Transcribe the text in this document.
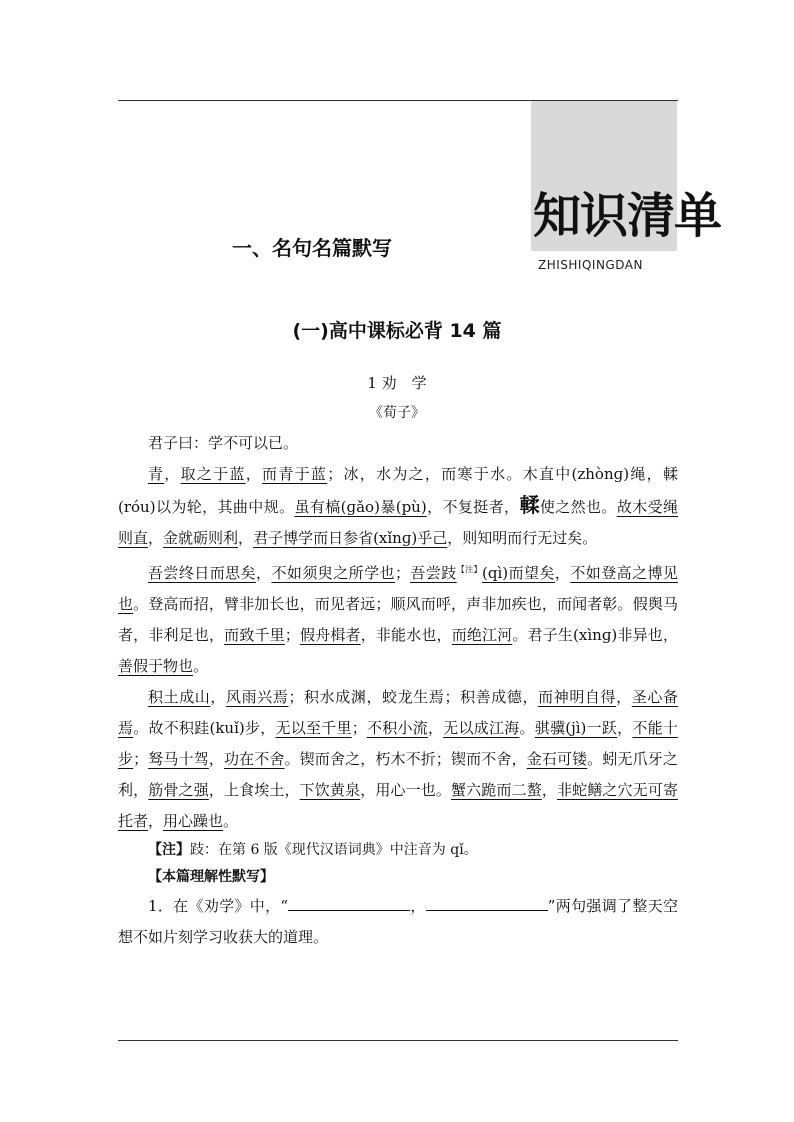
知识清单
ZHISHIQINGDAN
一、名句名篇默写
(一)高中课标必背 14 篇
1 劝　学
《荀子》

君子曰：学不可以已。

青，取之于蓝，而青于蓝；冰，水为之，而寒于水。木直中(zhònɡ)绳，輮(róu)以为轮，其曲中规。虽有槁(ɡǎo)暴(pù)，不复挺者，輮使之然也。故木受绳则直，金就砺则利，君子博学而日参省(xǐnɡ)乎己，则知明而行无过矣。

吾尝终日而思矣，不如须臾之所学也；吾尝跂$^{【注】}$(qì)而望矣，不如登高之博见也。登高而招，臂非加长也，而见者远；顺风而呼，声非加疾也，而闻者彰。假舆马者，非利足也，而致千里；假舟楫者，非能水也，而绝江河。君子生(xìnɡ)非异也，善假于物也。

积土成山，风雨兴焉；积水成渊，蛟龙生焉；积善成德，而神明自得，圣心备焉。故不积跬(kuǐ)步，无以至千里；不积小流，无以成江海。骐骥(jì)一跃，不能十步；驽马十驾，功在不舍。锲而舍之，朽木不折；锲而不舍，金石可镂。蚓无爪牙之利，筋骨之强，上食埃土，下饮黄泉，用心一也。蟹六跪而二螯，非蛇鳝之穴无可寄托者，用心躁也。

【注】跂：在第 6 版《现代汉语词典》中注音为 qǐ。

【本篇理解性默写】

1．在《劝学》中，“	，	”两句强调了整天空想不如片刻学习收获大的道理。
